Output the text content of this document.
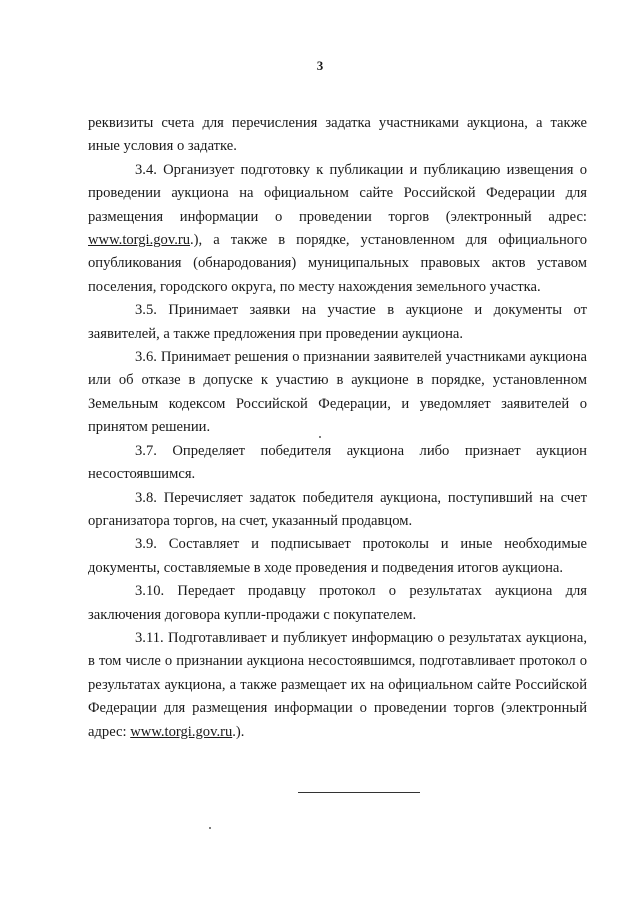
3

реквизиты счета для перечисления задатка участниками аукциона, а также иные условия о задатке.

3.4. Организует подготовку к публикации и публикацию извещения о проведении аукциона на официальном сайте Российской Федерации для размещения информации о проведении торгов (электронный адрес: www.torgi.gov.ru.), а также в порядке, установленном для официального опубликования (обнародования) муниципальных правовых актов уставом поселения, городского округа, по месту нахождения земельного участка.

3.5. Принимает заявки на участие в аукционе и документы от заявителей, а также предложения при проведении аукциона.

3.6. Принимает решения о признании заявителей участниками аукциона или об отказе в допуске к участию в аукционе в порядке, установленном Земельным кодексом Российской Федерации, и уведомляет заявителей о принятом решении.

3.7. Определяет победителя аукциона либо признает аукцион несостоявшимся.

3.8. Перечисляет задаток победителя аукциона, поступивший на счет организатора торгов, на счет, указанный продавцом.

3.9. Составляет и подписывает протоколы и иные необходимые документы, составляемые в ходе проведения и подведения итогов аукциона.

3.10. Передает продавцу протокол о результатах аукциона для заключения договора купли-продажи с покупателем.

3.11. Подготавливает и публикует информацию о результатах аукциона, в том числе о признании аукциона несостоявшимся, подготавливает протокол о результатах аукциона, а также размещает их на официальном сайте Российской Федерации для размещения информации о проведении торгов (электронный адрес: www.torgi.gov.ru.).
